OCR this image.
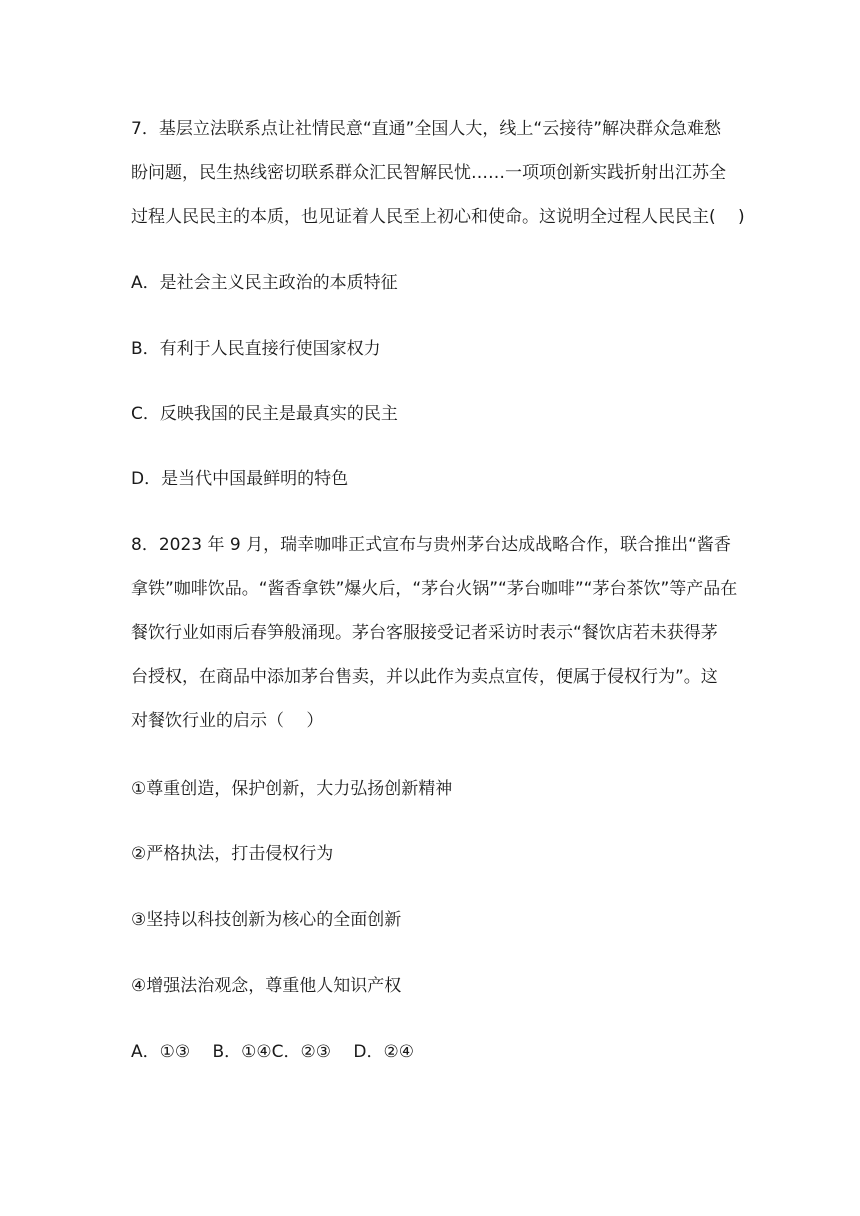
7．基层立法联系点让社情民意“直通”全国人大，线上“云接待”解决群众急难愁
盼问题，民生热线密切联系群众汇民智解民忧……一项项创新实践折射出江苏全
过程人民民主的本质，也见证着人民至上初心和使命。这说明全过程人民民主(　 )
A．是社会主义民主政治的本质特征
B．有利于人民直接行使国家权力
C．反映我国的民主是最真实的民主
D．是当代中国最鲜明的特色
8．2023 年 9 月，瑞幸咖啡正式宣布与贵州茅台达成战略合作，联合推出“酱香
拿铁”咖啡饮品。“酱香拿铁”爆火后，“茅台火锅”“茅台咖啡”“茅台茶饮”等产品在
餐饮行业如雨后春笋般涌现。茅台客服接受记者采访时表示“餐饮店若未获得茅
台授权，在商品中添加茅台售卖，并以此作为卖点宣传，便属于侵权行为”。这
对餐饮行业的启示（　 ）
①尊重创造，保护创新，大力弘扬创新精神
②严格执法，打击侵权行为
③坚持以科技创新为核心的全面创新
④增强法治观念，尊重他人知识产权
A．①③　 B．①④C．②③　 D．②④
